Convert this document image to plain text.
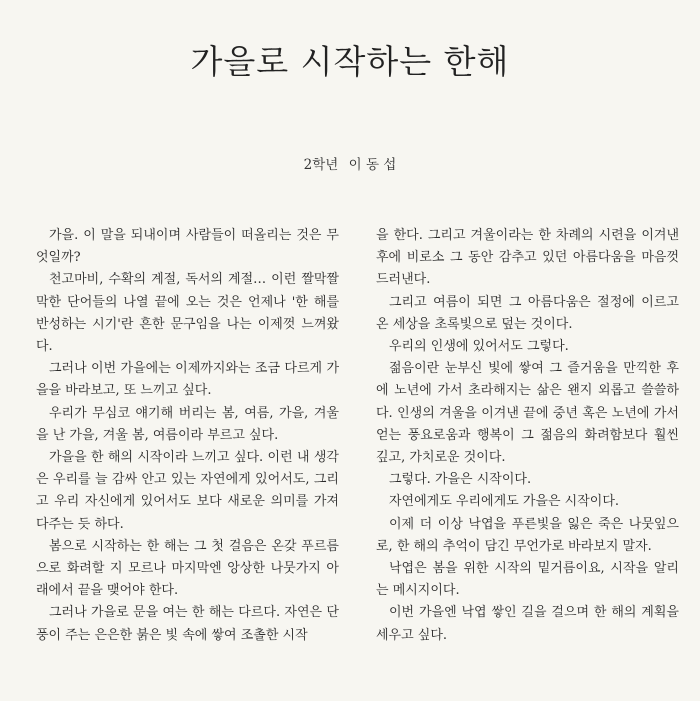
가을로 시작하는 한해
2학년 이 동 섭

가을. 이 말을 되내이며 사람들이 떠올리는 것은 무엇일까?

천고마비, 수확의 계절, 독서의 계절… 이런 짤막짤막한 단어들의 나열 끝에 오는 것은 언제나 '한 해를 반성하는 시기'란 흔한 문구임을 나는 이제껏 느껴왔다.

그러나 이번 가을에는 이제까지와는 조금 다르게 가을을 바라보고, 또 느끼고 싶다.

우리가 무심코 얘기해 버리는 봄, 여름, 가을, 겨울을 난 가을, 겨울 봄, 여름이라 부르고 싶다.

가을을 한 해의 시작이라 느끼고 싶다. 이런 내 생각은 우리를 늘 감싸 안고 있는 자연에게 있어서도, 그리고 우리 자신에게 있어서도 보다 새로운 의미를 가져다주는 듯 하다.

봄으로 시작하는 한 해는 그 첫 걸음은 온갖 푸르름으로 화려할 지 모르나 마지막엔 앙상한 나뭇가지 아래에서 끝을 맺어야 한다.

그러나 가을로 문을 여는 한 해는 다르다. 자연은 단풍이 주는 은은한 붉은 빛 속에 쌓여 조촐한 시작

을 한다. 그리고 겨울이라는 한 차례의 시련을 이겨낸 후에 비로소 그 동안 감추고 있던 아름다움을 마음껏 드러낸다.

그리고 여름이 되면 그 아름다움은 절정에 이르고 온 세상을 초록빛으로 덮는 것이다.

우리의 인생에 있어서도 그렇다.

젊음이란 눈부신 빛에 쌓여 그 즐거움을 만끽한 후에 노년에 가서 초라해지는 삶은 왠지 외롭고 쓸쓸하다. 인생의 겨울을 이겨낸 끝에 중년 혹은 노년에 가서 얻는 풍요로움과 행복이 그 젊음의 화려함보다 훨씬 깊고, 가치로운 것이다.

그렇다. 가을은 시작이다.

자연에게도 우리에게도 가을은 시작이다.

이제 더 이상 낙엽을 푸른빛을 잃은 죽은 나뭇잎으로, 한 해의 추억이 담긴 무언가로 바라보지 말자.

낙엽은 봄을 위한 시작의 밑거름이요, 시작을 알리는 메시지이다.

이번 가을엔 낙엽 쌓인 길을 걸으며 한 해의 계획을 세우고 싶다.
